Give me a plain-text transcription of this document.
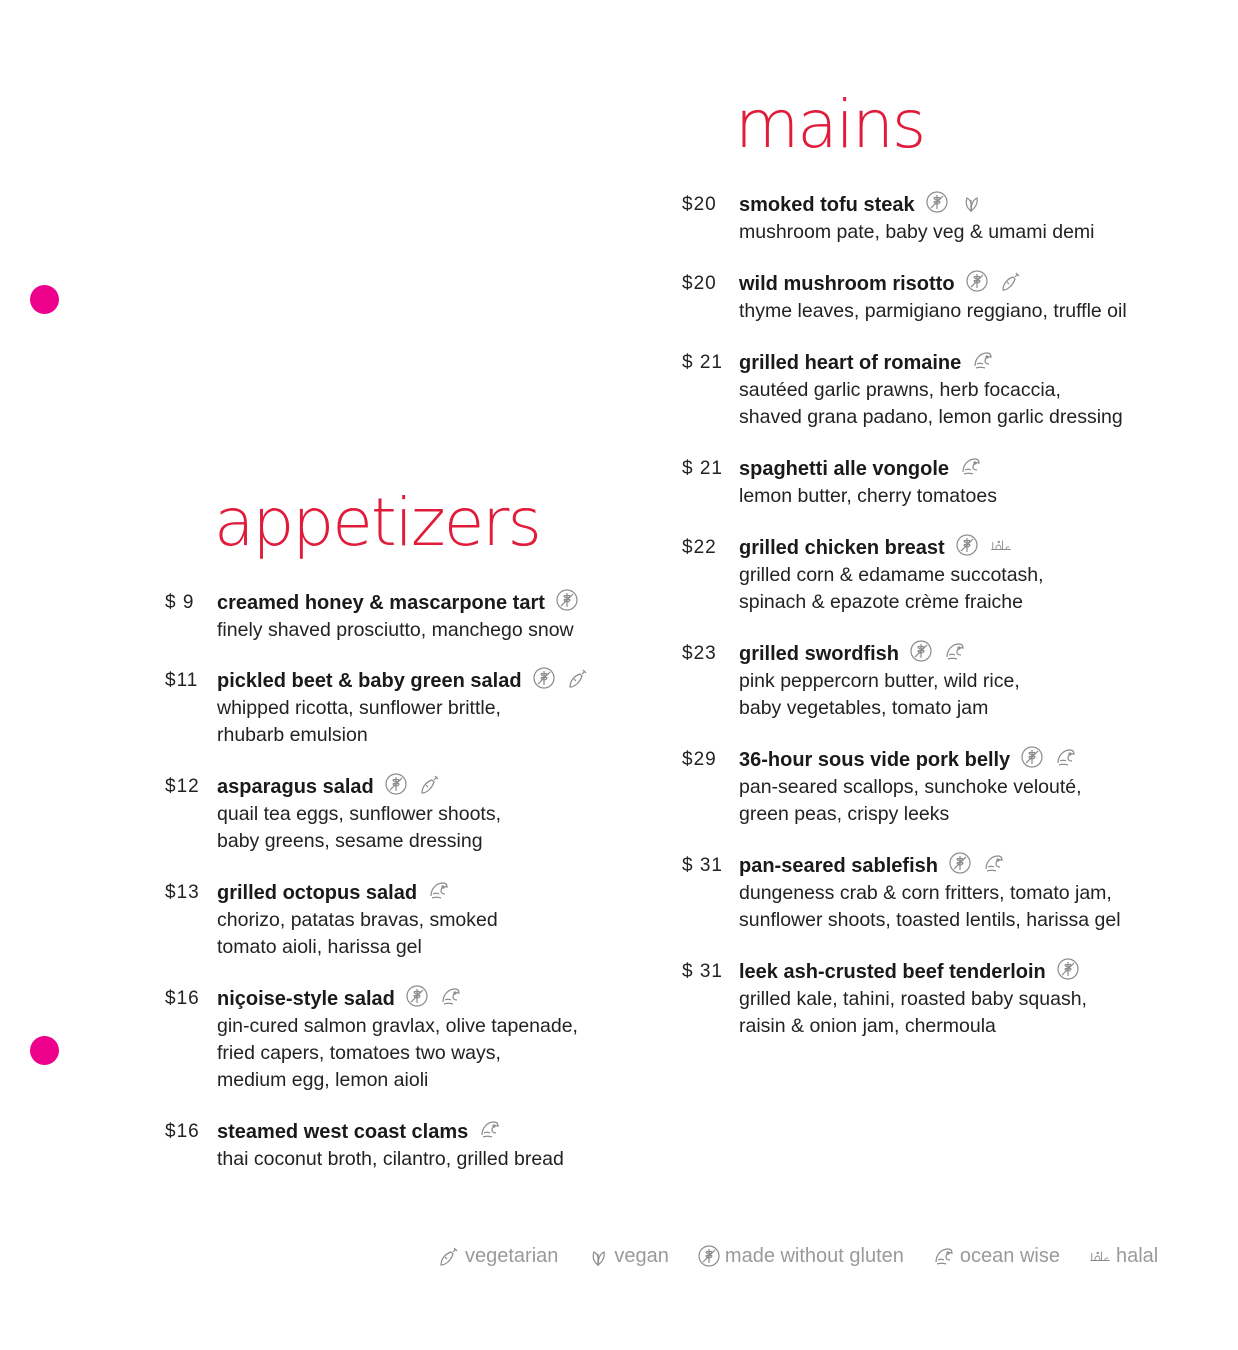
appetizers
$ 9 creamed honey & mascarpone tart
finely shaved prosciutto, manchego snow
$11 pickled beet & baby green salad
whipped ricotta, sunflower brittle,
rhubarb emulsion
$12 asparagus salad
quail tea eggs, sunflower shoots,
baby greens, sesame dressing
$13 grilled octopus salad
chorizo, patatas bravas, smoked
tomato aioli, harissa gel
$16 niçoise-style salad
gin-cured salmon gravlax, olive tapenade,
fried capers, tomatoes two ways,
medium egg, lemon aioli
$16 steamed west coast clams
thai coconut broth, cilantro, grilled bread
mains
$20 smoked tofu steak
mushroom pate, baby veg & umami demi
$20 wild mushroom risotto
thyme leaves, parmigiano reggiano, truffle oil
$ 21 grilled heart of romaine
sautéed garlic prawns, herb focaccia,
shaved grana padano, lemon garlic dressing
$ 21 spaghetti alle vongole
lemon butter, cherry tomatoes
$22 grilled chicken breast
grilled corn & edamame succotash,
spinach & epazote crème fraiche
$23 grilled swordfish
pink peppercorn butter, wild rice,
baby vegetables, tomato jam
$29 36-hour sous vide pork belly
pan-seared scallops, sunchoke velouté,
green peas, crispy leeks
$ 31 pan-seared sablefish
dungeness crab & corn fritters, tomato jam,
sunflower shoots, toasted lentils, harissa gel
$ 31 leek ash-crusted beef tenderloin
grilled kale, tahini, roasted baby squash,
raisin & onion jam, chermoula
vegetarian	vegan	made without gluten	ocean wise	halal
